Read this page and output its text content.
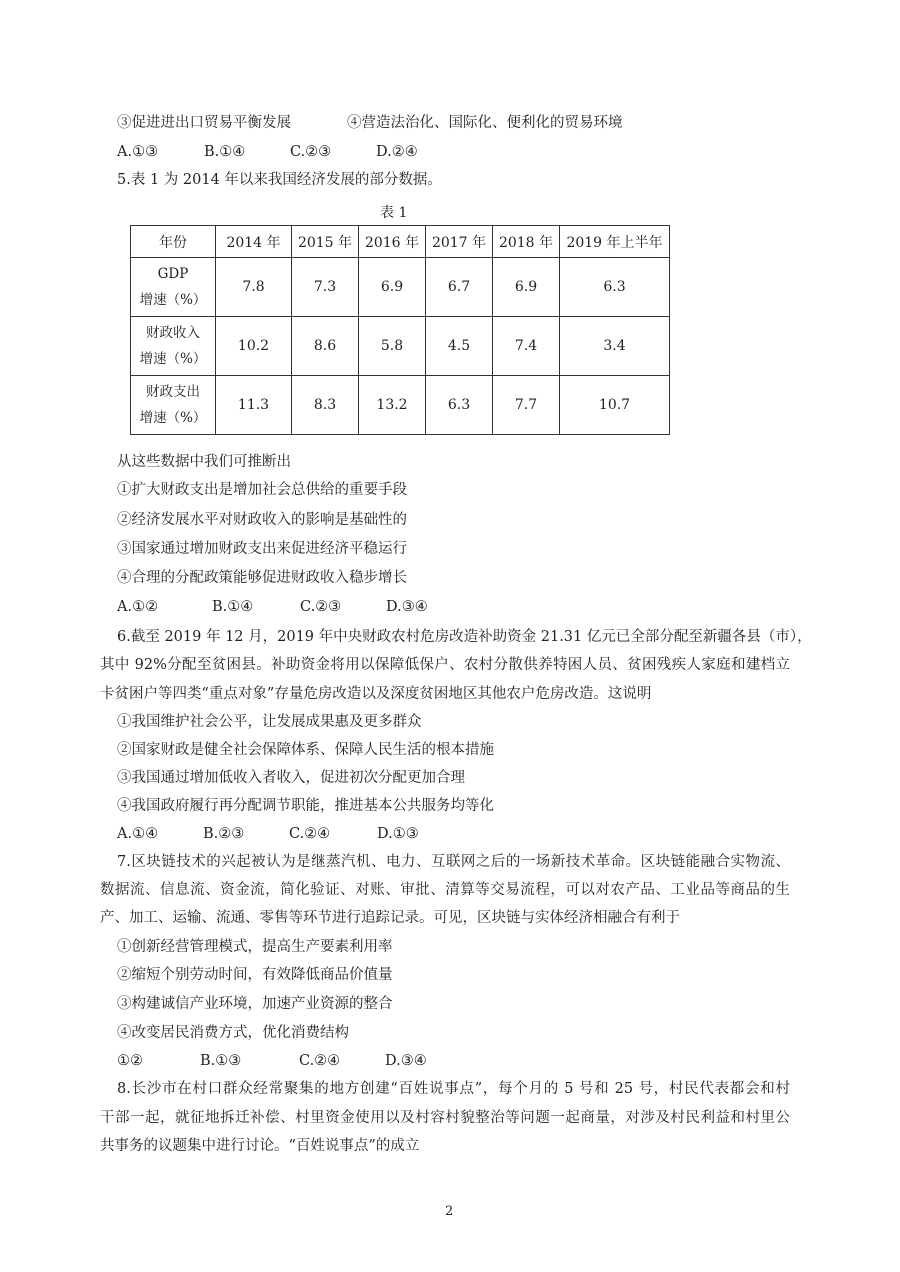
③促进进出口贸易平衡发展	④营造法治化、国际化、便利化的贸易环境
A.①③	B.①④	C.②③	D.②④
5.表 1 为 2014 年以来我国经济发展的部分数据。
表 1
年份	2014 年	2015 年	2016 年	2017 年	2018 年	2019 年上半年

GDP
增速（%）	7.8	7.3	6.9	6.7	6.9	6.3

财政收入
增速（%）	10.2	8.6	5.8	4.5	7.4	3.4

财政支出
增速（%）	11.3	8.3	13.2	6.3	7.7	10.7
从这些数据中我们可推断出
①扩大财政支出是增加社会总供给的重要手段
②经济发展水平对财政收入的影响是基础性的
③国家通过增加财政支出来促进经济平稳运行
④合理的分配政策能够促进财政收入稳步增长
A.①②	B.①④	C.②③	D.③④
6.截至 2019 年 12 月，2019 年中央财政农村危房改造补助资金 21.31 亿元已全部分配至新疆各县（市），
其中 92%分配至贫困县。补助资金将用以保障低保户、农村分散供养特困人员、贫困残疾人家庭和建档立
卡贫困户等四类“重点对象”存量危房改造以及深度贫困地区其他农户危房改造。这说明
①我国维护社会公平，让发展成果惠及更多群众
②国家财政是健全社会保障体系、保障人民生活的根本措施
③我国通过增加低收入者收入，促进初次分配更加合理
④我国政府履行再分配调节职能，推进基本公共服务均等化
A.①④	B.②③	C.②④	D.①③
7.区块链技术的兴起被认为是继蒸汽机、电力、互联网之后的一场新技术革命。区块链能融合实物流、
数据流、信息流、资金流，简化验证、对账、审批、清算等交易流程，可以对农产品、工业品等商品的生
产、加工、运输、流通、零售等环节进行追踪记录。可见，区块链与实体经济相融合有利于
①创新经营管理模式，提高生产要素利用率
②缩短个别劳动时间，有效降低商品价值量
③构建诚信产业环境，加速产业资源的整合
④改变居民消费方式，优化消费结构
①②	B.①③	C.②④	D.③④
8.长沙市在村口群众经常聚集的地方创建“百姓说事点”，每个月的 5 号和 25 号，村民代表都会和村
干部一起，就征地拆迁补偿、村里资金使用以及村容村貌整治等问题一起商量，对涉及村民利益和村里公
共事务的议题集中进行讨论。“百姓说事点”的成立
2
